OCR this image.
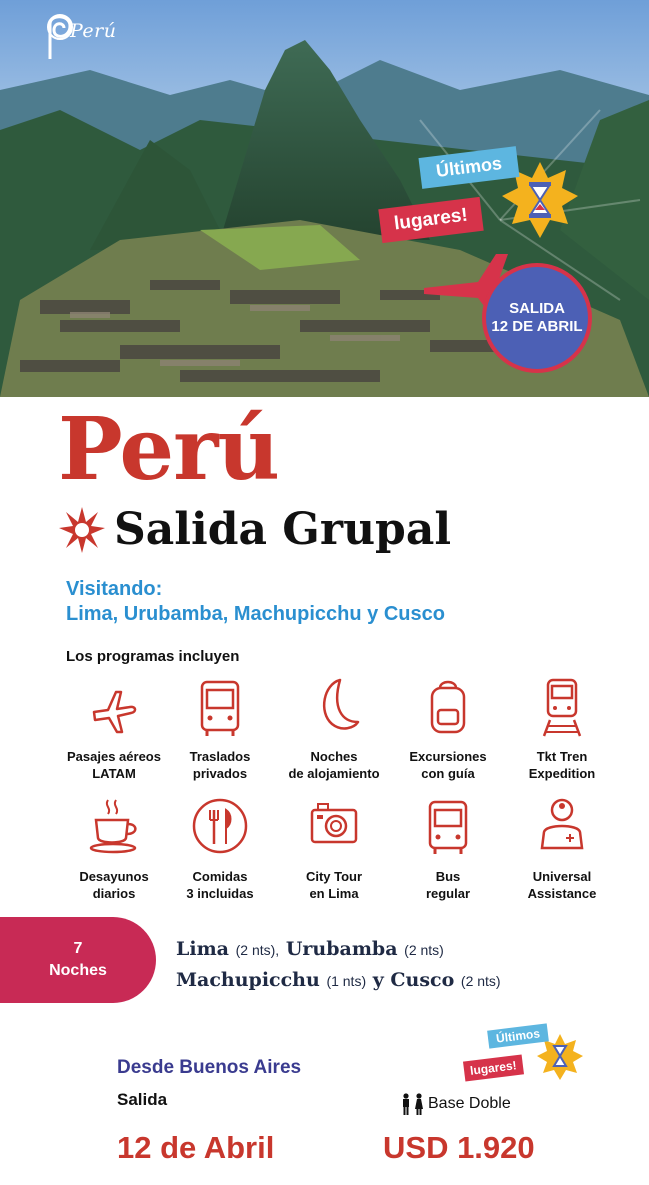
Perú
Últimos
lugares!
SALIDA
12 DE ABRIL
Perú
Salida Grupal
Visitando:
Lima, Urubamba, Machupicchu y Cusco
Los programas incluyen
Pasajes aéreos
LATAM
Traslados
privados
Noches
de alojamiento
Excursiones
con guía
Tkt Tren
Expedition
Desayunos
diarios
Comidas
3 incluidas
City Tour
en Lima
Bus
regular
Universal
Assistance
7
Noches
Lima (2 nts), Urubamba (2 nts)
Machupicchu (1 nts) y Cusco (2 nts)
Últimos
lugares!
Desde Buenos Aires
Salida
12 de Abril
Base Doble
USD 1.920
